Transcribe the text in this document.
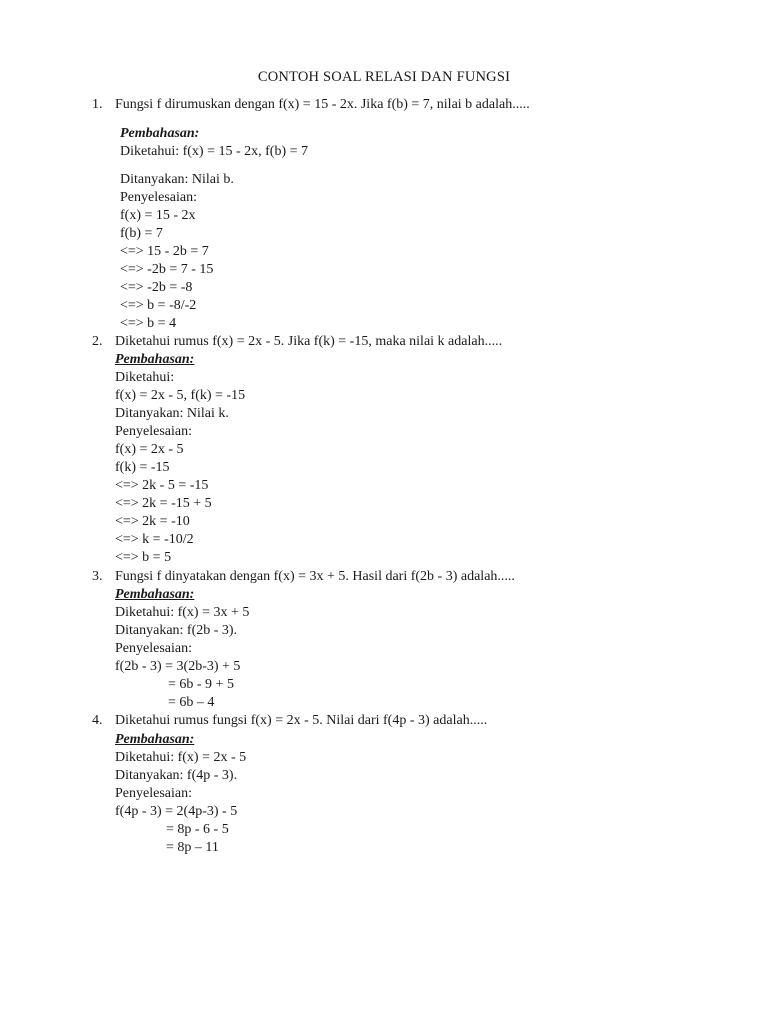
CONTOH SOAL RELASI DAN FUNGSI
1. Fungsi f dirumuskan dengan f(x) = 15 - 2x. Jika f(b) = 7, nilai b adalah.....
Pembahasan:
Diketahui: f(x) = 15 - 2x, f(b) = 7
Ditanyakan: Nilai b.
Penyelesaian:
f(x) = 15 - 2x
f(b) = 7
<=> 15 - 2b = 7
<=> -2b = 7 - 15
<=> -2b = -8
<=> b = -8/-2
<=> b = 4
2. Diketahui rumus f(x) = 2x - 5. Jika f(k) = -15, maka nilai k adalah.....
Pembahasan:
Diketahui:
f(x) = 2x - 5, f(k) = -15
Ditanyakan: Nilai k.
Penyelesaian:
f(x) = 2x - 5
f(k) = -15
<=> 2k - 5 = -15
<=> 2k = -15 + 5
<=> 2k = -10
<=> k = -10/2
<=> b = 5
3. Fungsi f dinyatakan dengan f(x) = 3x + 5. Hasil dari f(2b - 3) adalah.....
Pembahasan:
Diketahui: f(x) = 3x + 5
Ditanyakan: f(2b - 3).
Penyelesaian:
f(2b - 3) = 3(2b-3) + 5
= 6b - 9 + 5
= 6b – 4
4. Diketahui rumus fungsi f(x) = 2x - 5. Nilai dari f(4p - 3) adalah.....
Pembahasan:
Diketahui: f(x) = 2x - 5
Ditanyakan: f(4p - 3).
Penyelesaian:
f(4p - 3) = 2(4p-3) - 5
= 8p - 6 - 5
= 8p – 11
